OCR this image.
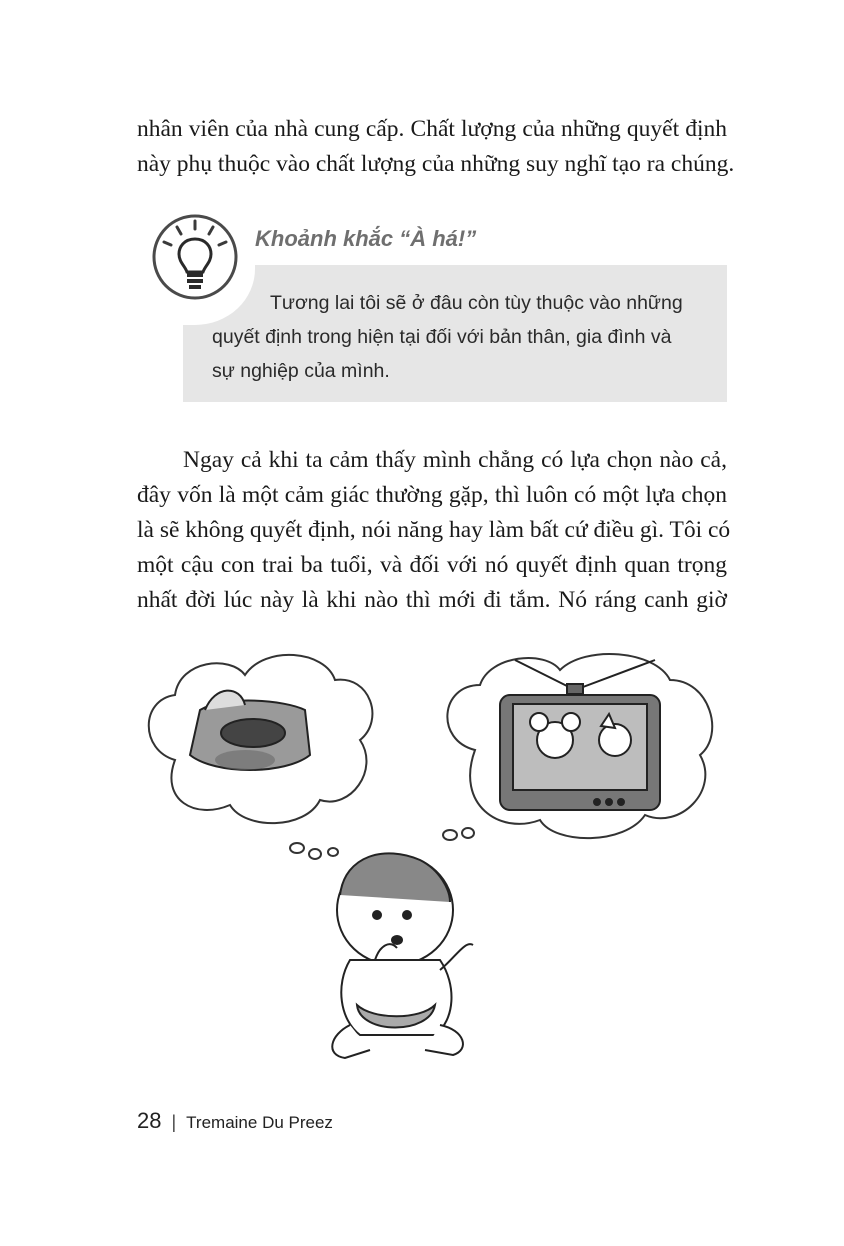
nhân viên của nhà cung cấp. Chất lượng của những quyết định
này phụ thuộc vào chất lượng của những suy nghĩ tạo ra chúng.
Khoảnh khắc “À há!”
Tương lai tôi sẽ ở đâu còn tùy thuộc vào những
quyết định trong hiện tại đối với bản thân, gia đình và
sự nghiệp của mình.
Ngay cả khi ta cảm thấy mình chẳng có lựa chọn nào cả,
đây vốn là một cảm giác thường gặp, thì luôn có một lựa chọn
là sẽ không quyết định, nói năng hay làm bất cứ điều gì. Tôi có
một cậu con trai ba tuổi, và đối với nó quyết định quan trọng
nhất đời lúc này là khi nào thì mới đi tắm. Nó ráng canh giờ
28 | Tremaine Du Preez
